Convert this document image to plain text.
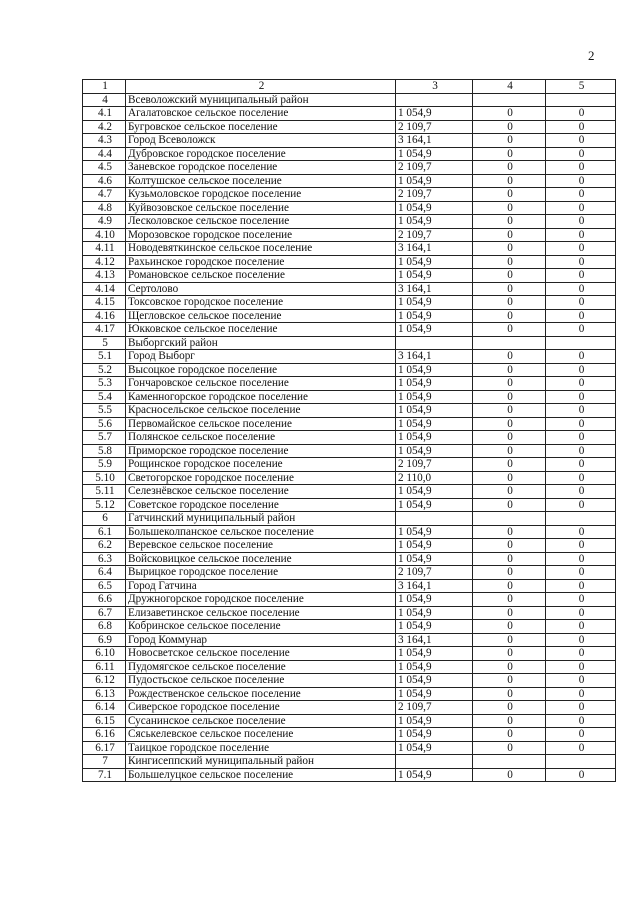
2
1	2	3	4	5
4	Всеволожский муниципальный район			
4.1	Агалатовское сельское поселение	1 054,9	0	0
4.2	Бугровское сельское поселение	2 109,7	0	0
4.3	Город Всеволожск	3 164,1	0	0
4.4	Дубровское городское поселение	1 054,9	0	0
4.5	Заневское городское поселение	2 109,7	0	0
4.6	Колтушское сельское поселение	1 054,9	0	0
4.7	Кузьмоловское городское поселение	2 109,7	0	0
4.8	Куйвозовское сельское поселение	1 054,9	0	0
4.9	Лесколовское сельское поселение	1 054,9	0	0
4.10	Морозовское городское поселение	2 109,7	0	0
4.11	Новодевяткинское сельское поселение	3 164,1	0	0
4.12	Рахьинское городское поселение	1 054,9	0	0
4.13	Романовское сельское поселение	1 054,9	0	0
4.14	Сертолово	3 164,1	0	0
4.15	Токсовское городское поселение	1 054,9	0	0
4.16	Щегловское сельское поселение	1 054,9	0	0
4.17	Юкковское сельское поселение	1 054,9	0	0
5	Выборгский район			
5.1	Город Выборг	3 164,1	0	0
5.2	Высоцкое городское поселение	1 054,9	0	0
5.3	Гончаровское сельское поселение	1 054,9	0	0
5.4	Каменногорское городское поселение	1 054,9	0	0
5.5	Красносельское сельское поселение	1 054,9	0	0
5.6	Первомайское сельское поселение	1 054,9	0	0
5.7	Полянское сельское поселение	1 054,9	0	0
5.8	Приморское городское поселение	1 054,9	0	0
5.9	Рощинское городское поселение	2 109,7	0	0
5.10	Светогорское городское поселение	2 110,0	0	0
5.11	Селезнёвское сельское поселение	1 054,9	0	0
5.12	Советское городское поселение	1 054,9	0	0
6	Гатчинский муниципальный район			
6.1	Большеколпанское сельское поселение	1 054,9	0	0
6.2	Веревское сельское поселение	1 054,9	0	0
6.3	Войсковицкое сельское поселение	1 054,9	0	0
6.4	Вырицкое городское поселение	2 109,7	0	0
6.5	Город Гатчина	3 164,1	0	0
6.6	Дружногорское городское поселение	1 054,9	0	0
6.7	Елизаветинское сельское поселение	1 054,9	0	0
6.8	Кобринское сельское поселение	1 054,9	0	0
6.9	Город Коммунар	3 164,1	0	0
6.10	Новосветское сельское поселение	1 054,9	0	0
6.11	Пудомягское сельское поселение	1 054,9	0	0
6.12	Пудостьское сельское поселение	1 054,9	0	0
6.13	Рождественское сельское поселение	1 054,9	0	0
6.14	Сиверское городское поселение	2 109,7	0	0
6.15	Сусанинское сельское поселение	1 054,9	0	0
6.16	Сяськелевское сельское поселение	1 054,9	0	0
6.17	Таицкое городское поселение	1 054,9	0	0
7	Кингисеппский муниципальный район			
7.1	Большелуцкое сельское поселение	1 054,9	0	0
